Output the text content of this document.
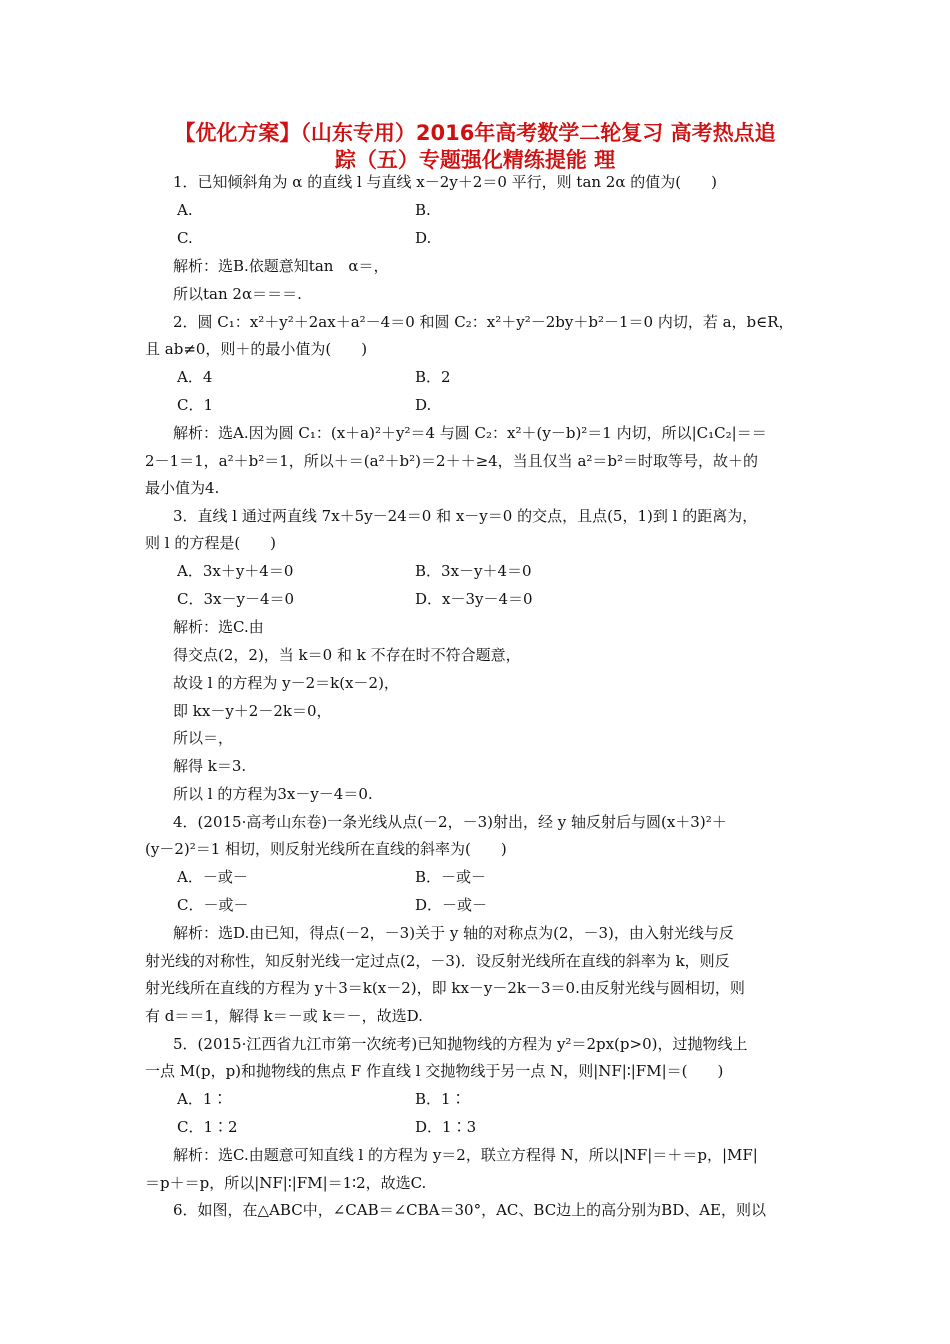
【优化方案】（山东专用）2016年高考数学二轮复习 高考热点追
踪（五）专题强化精练提能 理
1．已知倾斜角为 α 的直线 l 与直线 x－2y＋2＝0 平行，则 tan 2α 的值为(　　)
A.	B.
C.	D.
解析：选B.依题意知tan　α＝，
所以tan 2α＝＝＝.
2．圆 C₁：x²＋y²＋2ax＋a²－4＝0 和圆 C₂：x²＋y²－2by＋b²－1＝0 内切，若 a，b∈R，
且 ab≠0，则＋的最小值为(　　)
A．4	B．2
C．1	D.
解析：选A.因为圆 C₁：(x＋a)²＋y²＝4 与圆 C₂：x²＋(y－b)²＝1 内切，所以|C₁C₂|＝＝
2－1＝1，a²＋b²＝1，所以＋＝(a²＋b²)＝2＋＋≥4，当且仅当 a²＝b²＝时取等号，故＋的
最小值为4.
3．直线 l 通过两直线 7x＋5y－24＝0 和 x－y＝0 的交点，且点(5，1)到 l 的距离为，
则 l 的方程是(　　)
A．3x＋y＋4＝0	B．3x－y＋4＝0
C．3x－y－4＝0	D．x－3y－4＝0
解析：选C.由
得交点(2，2)，当 k＝0 和 k 不存在时不符合题意，
故设 l 的方程为 y－2＝k(x－2)，
即 kx－y＋2－2k＝0，
所以＝，
解得 k＝3.
所以 l 的方程为3x－y－4＝0.
4．(2015·高考山东卷)一条光线从点(－2，－3)射出，经 y 轴反射后与圆(x＋3)²＋
(y－2)²＝1 相切，则反射光线所在直线的斜率为(　　)
A．－或－	B．－或－
C．－或－	D．－或－
解析：选D.由已知，得点(－2，－3)关于 y 轴的对称点为(2，－3)，由入射光线与反
射光线的对称性，知反射光线一定过点(2，－3)．设反射光线所在直线的斜率为 k，则反
射光线所在直线的方程为 y＋3＝k(x－2)，即 kx－y－2k－3＝0.由反射光线与圆相切，则
有 d＝＝1，解得 k＝－或 k＝－，故选D.
5．(2015·江西省九江市第一次统考)已知抛物线的方程为 y²＝2px(p>0)，过抛物线上
一点 M(p，p)和抛物线的焦点 F 作直线 l 交抛物线于另一点 N，则|NF|∶|FM|＝(　　)
A．1∶	B．1∶
C．1∶2	D．1∶3
解析：选C.由题意可知直线 l 的方程为 y＝2，联立方程得 N，所以|NF|＝＋＝p，|MF|
＝p＋＝p，所以|NF|∶|FM|＝1∶2，故选C.
6．如图，在△ABC中，∠CAB＝∠CBA＝30°，AC、BC边上的高分别为BD、AE，则以
